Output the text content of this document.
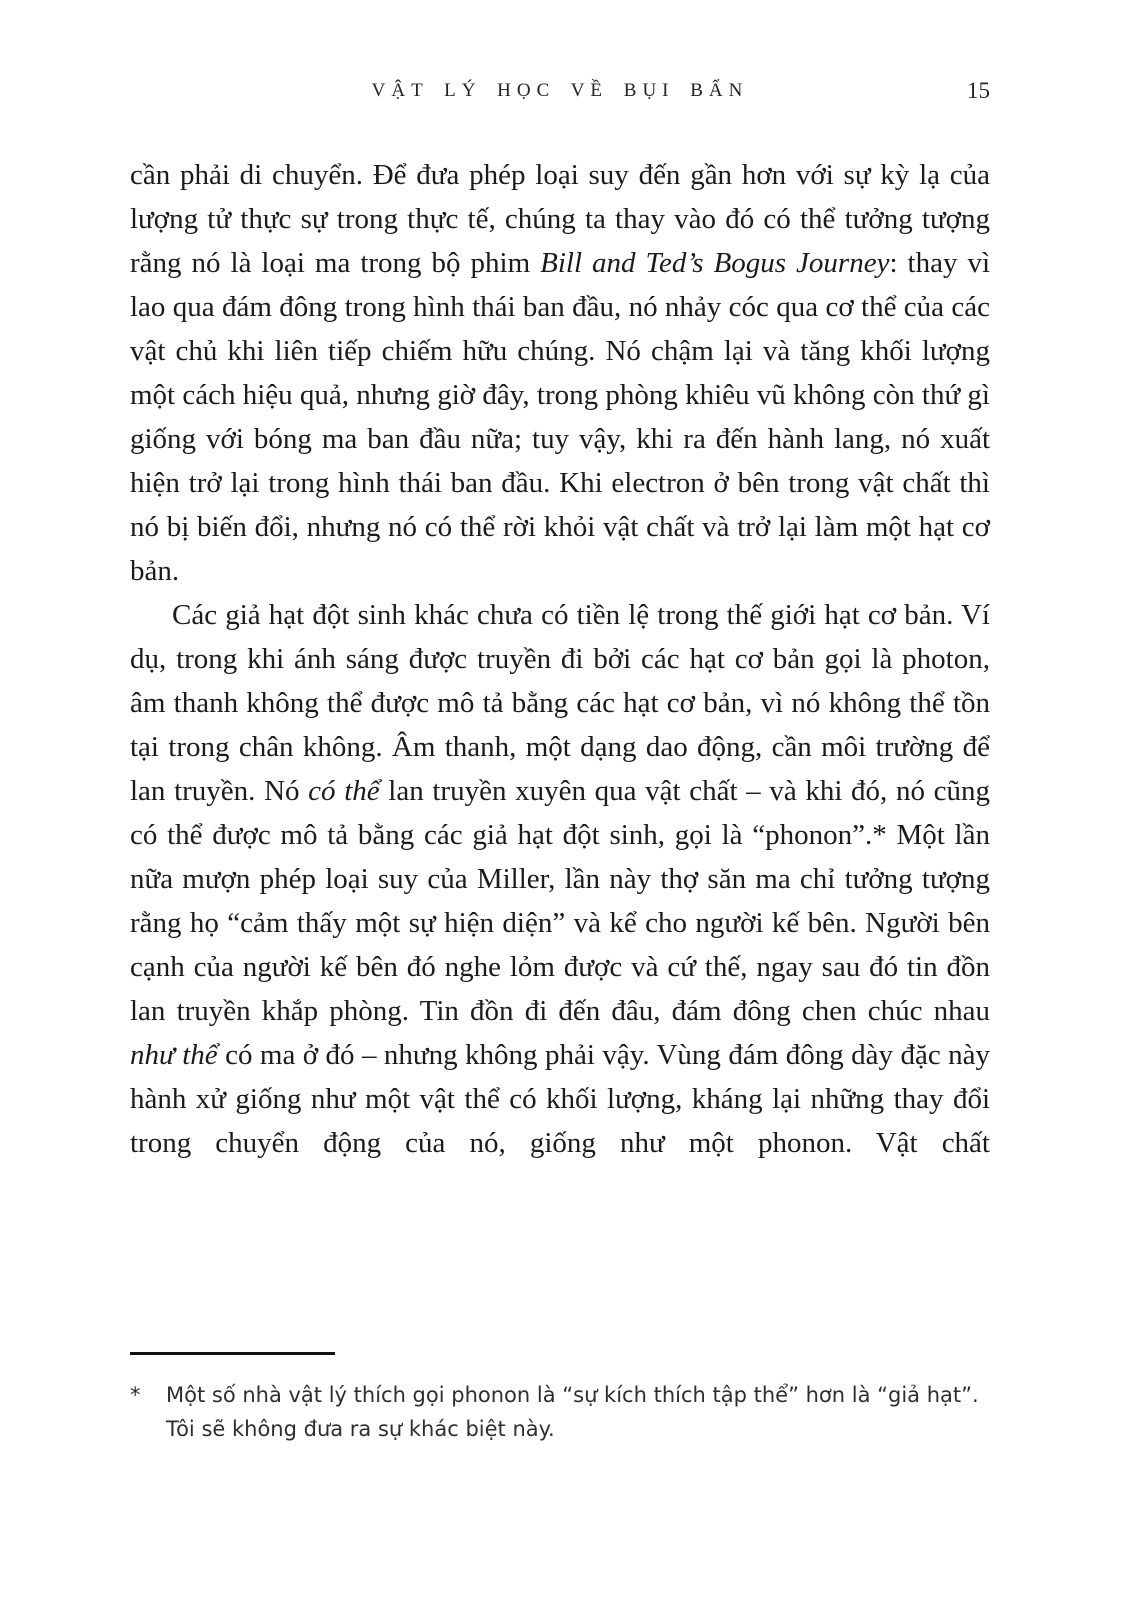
VẬT LÝ HỌC VỀ BỤI BẨN	15

cần phải di chuyển. Để đưa phép loại suy đến gần hơn với sự kỳ lạ của lượng tử thực sự trong thực tế, chúng ta thay vào đó có thể tưởng tượng rằng nó là loại ma trong bộ phim Bill and Ted’s Bogus Journey: thay vì lao qua đám đông trong hình thái ban đầu, nó nhảy cóc qua cơ thể của các vật chủ khi liên tiếp chiếm hữu chúng. Nó chậm lại và tăng khối lượng một cách hiệu quả, nhưng giờ đây, trong phòng khiêu vũ không còn thứ gì giống với bóng ma ban đầu nữa; tuy vậy, khi ra đến hành lang, nó xuất hiện trở lại trong hình thái ban đầu. Khi electron ở bên trong vật chất thì nó bị biến đổi, nhưng nó có thể rời khỏi vật chất và trở lại làm một hạt cơ bản.

Các giả hạt đột sinh khác chưa có tiền lệ trong thế giới hạt cơ bản. Ví dụ, trong khi ánh sáng được truyền đi bởi các hạt cơ bản gọi là photon, âm thanh không thể được mô tả bằng các hạt cơ bản, vì nó không thể tồn tại trong chân không. Âm thanh, một dạng dao động, cần môi trường để lan truyền. Nó có thể lan truyền xuyên qua vật chất – và khi đó, nó cũng có thể được mô tả bằng các giả hạt đột sinh, gọi là “phonon”.* Một lần nữa mượn phép loại suy của Miller, lần này thợ săn ma chỉ tưởng tượng rằng họ “cảm thấy một sự hiện diện” và kể cho người kế bên. Người bên cạnh của người kế bên đó nghe lỏm được và cứ thế, ngay sau đó tin đồn lan truyền khắp phòng. Tin đồn đi đến đâu, đám đông chen chúc nhau như thể có ma ở đó – nhưng không phải vậy. Vùng đám đông dày đặc này hành xử giống như một vật thể có khối lượng, kháng lại những thay đổi trong chuyển động của nó, giống như một phonon. Vật chất

*	Một số nhà vật lý thích gọi phonon là “sự kích thích tập thể” hơn là “giả hạt”. Tôi sẽ không đưa ra sự khác biệt này.
